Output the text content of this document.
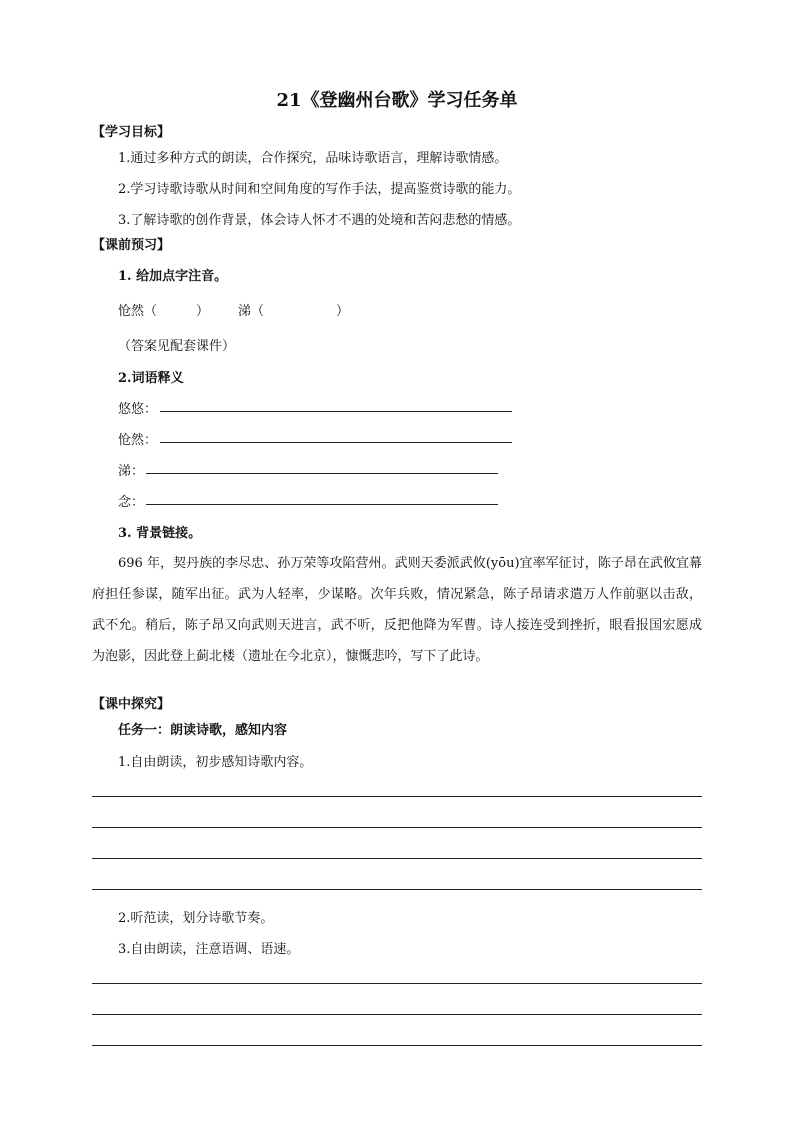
21《登幽州台歌》学习任务单
【学习目标】
1.通过多种方式的朗读，合作探究，品味诗歌语言，理解诗歌情感。
2.学习诗歌诗歌从时间和空间角度的写作手法，提高鉴赏诗歌的能力。
3.了解诗歌的创作背景，体会诗人怀才不遇的处境和苦闷悲愁的情感。
【课前预习】
1. 给加点字注音。
怆然（	） 涕（	）
（答案见配套课件）
2.词语释义
悠悠：
怆然：
涕：
念：
3. 背景链接。

696 年，契丹族的李尽忠、孙万荣等攻陷营州。武则天委派武攸(yōu)宜率军征讨，陈子昂在武攸宜幕府担任参谋，随军出征。武为人轻率，少谋略。次年兵败，情况紧急，陈子昂请求遣万人作前驱以击敌，武不允。稍后，陈子昂又向武则天进言，武不听，反把他降为军曹。诗人接连受到挫折，眼看报国宏愿成为泡影，因此登上蓟北楼（遗址在今北京），慷慨悲吟，写下了此诗。

【课中探究】
任务一：朗读诗歌，感知内容
1.自由朗读，初步感知诗歌内容。
2.听范读，划分诗歌节奏。
3.自由朗读，注意语调、语速。
